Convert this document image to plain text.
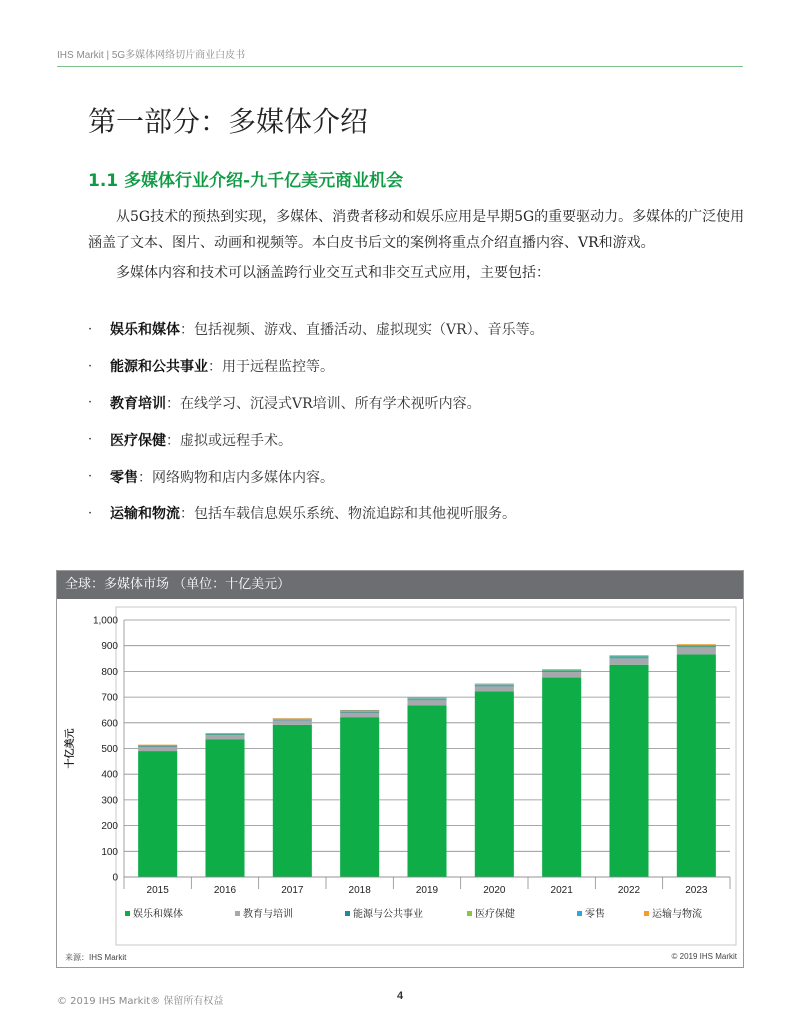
IHS Markit | 5G多媒体网络切片商业白皮书
第一部分：多媒体介绍
1.1 多媒体行业介绍-九千亿美元商业机会

　　从5G技术的预热到实现，多媒体、消费者移动和娱乐应用是早期5G的重要驱动力。多媒体的广泛使用涵盖了文本、图片、动画和视频等。本白皮书后文的案例将重点介绍直播内容、VR和游戏。

　　多媒体内容和技术可以涵盖跨行业交互式和非交互式应用，主要包括：

·	娱乐和媒体 ：包括视频、游戏、直播活动、虚拟现实（VR）、音乐等。
·	能源和公共事业 ：用于远程监控等。
·	教育培训 ：在线学习、沉浸式VR培训、所有学术视听内容。
·	医疗保健 ：虚拟或远程手术。
·	零售 ：网络购物和店内多媒体内容。
·	运输和物流 ：包括车载信息娱乐系统、物流追踪和其他视听服务。
全球：多媒体市场 （单位：十亿美元）
0
100
200
300
400
500
600
700
800
900
1,000
十亿美元
2015	2016	2017	2018	2019	2020	2021	2022	2023
娱乐和媒体	教育与培训	能源与公共事业	医疗保健	零售	运输与物流
来源：IHS Markit	© 2019 IHS Markit
© 2019 IHS Markit® 保留所有权益	4
